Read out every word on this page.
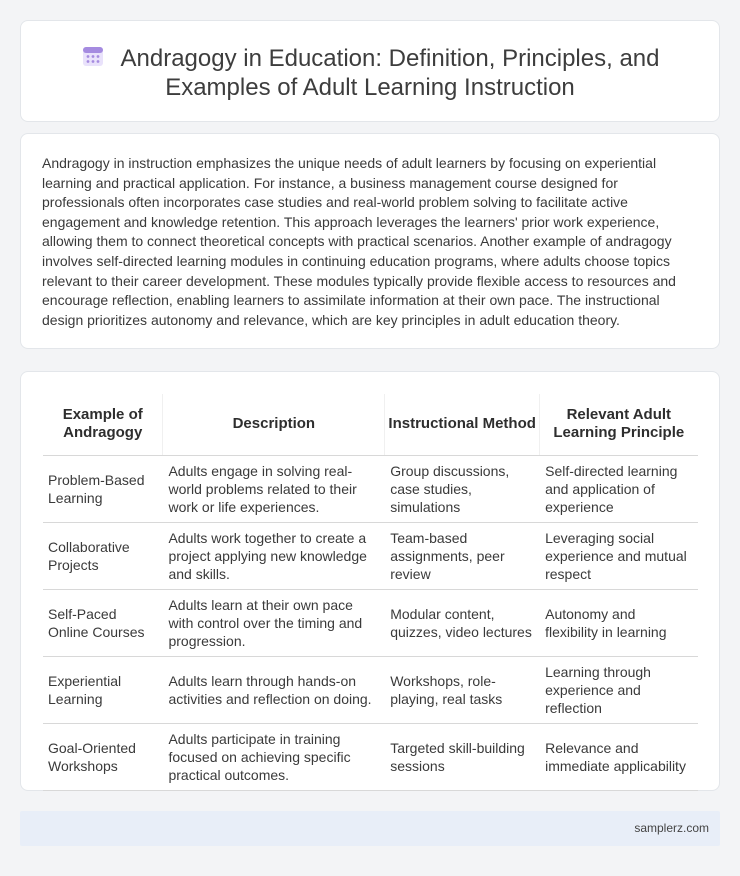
Andragogy in Education: Definition, Principles, and
Examples of Adult Learning Instruction

Andragogy in instruction emphasizes the unique needs of adult learners by focusing on experiential learning and practical application. For instance, a business management course designed for professionals often incorporates case studies and real-world problem solving to facilitate active engagement and knowledge retention. This approach leverages the learners' prior work experience, allowing them to connect theoretical concepts with practical scenarios. Another example of andragogy involves self-directed learning modules in continuing education programs, where adults choose topics relevant to their career development. These modules typically provide flexible access to resources and encourage reflection, enabling learners to assimilate information at their own pace. The instructional design prioritizes autonomy and relevance, which are key principles in adult education theory.

Example of Andragogy	Description	Instructional Method	Relevant Adult Learning Principle
Problem-Based Learning	Adults engage in solving real-world problems related to their work or life experiences.	Group discussions, case studies, simulations	Self-directed learning and application of experience
Collaborative Projects	Adults work together to create a project applying new knowledge and skills.	Team-based assignments, peer review	Leveraging social experience and mutual respect
Self-Paced Online Courses	Adults learn at their own pace with control over the timing and progression.	Modular content, quizzes, video lectures	Autonomy and flexibility in learning
Experiential Learning	Adults learn through hands-on activities and reflection on doing.	Workshops, role-playing, real tasks	Learning through experience and reflection
Goal-Oriented Workshops	Adults participate in training focused on achieving specific practical outcomes.	Targeted skill-building sessions	Relevance and immediate applicability
samplerz.com
